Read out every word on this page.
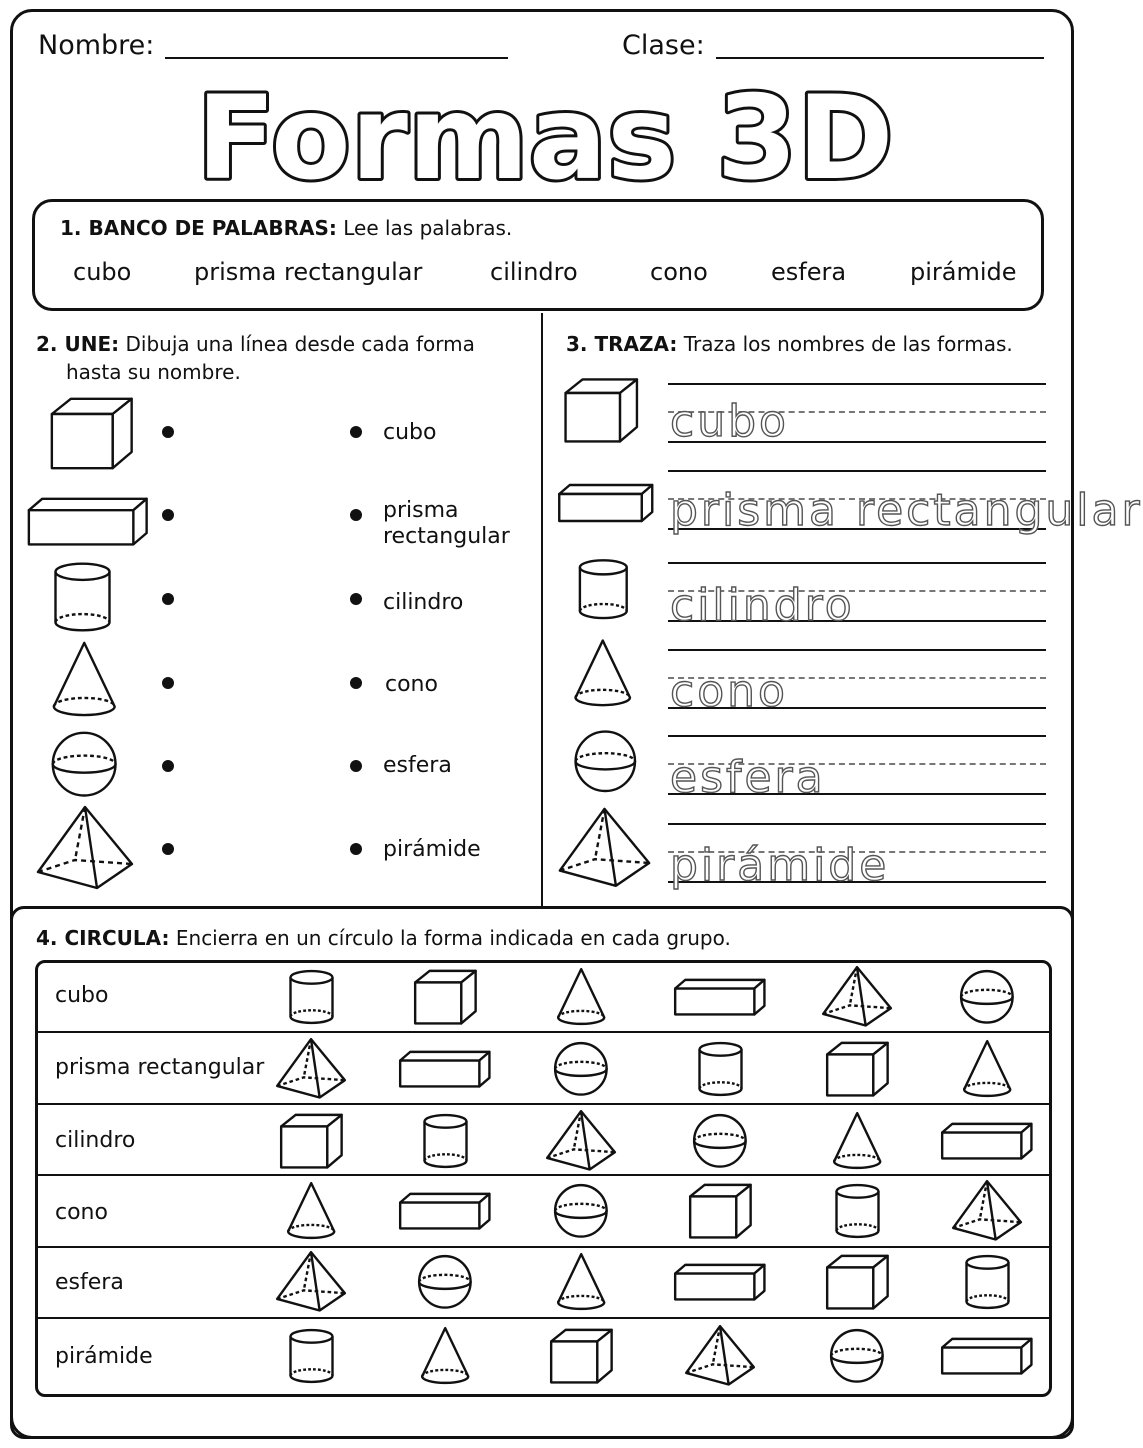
Nombre:	Clase:
Formas 3D
1. BANCO DE PALABRAS: Lee las palabras.
cubo	prisma rectangular	cilindro	cono	esfera	pirámide
2. UNE: Dibuja una línea desde cada forma
hasta su nombre.
cubo
prisma
rectangular
cilindro
cono
esfera
pirámide
3. TRAZA: Traza los nombres de las formas.
cubo
prisma rectangular
cilindro
cono
esfera
pirámide
4. CIRCULA: Encierra en un círculo la forma indicada en cada grupo.
cubo
prisma rectangular
cilindro
cono
esfera
pirámide
